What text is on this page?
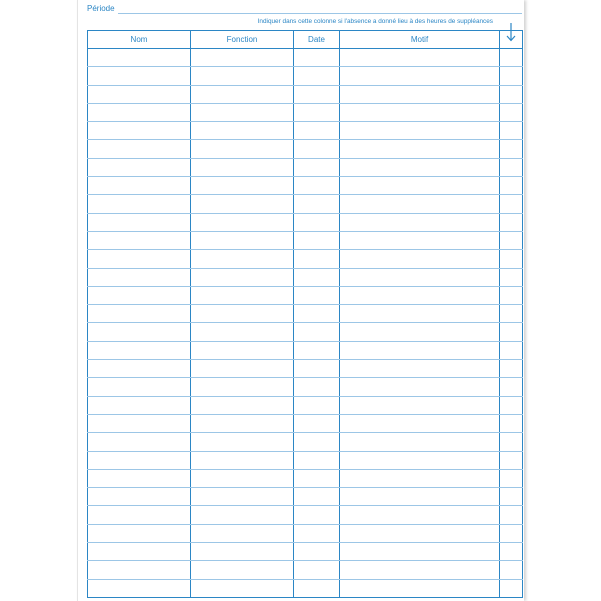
Période
Indiquer dans cette colonne si l'absence a donné lieu à des heures de suppléances
Nom	Fonction	Date	Motif	
